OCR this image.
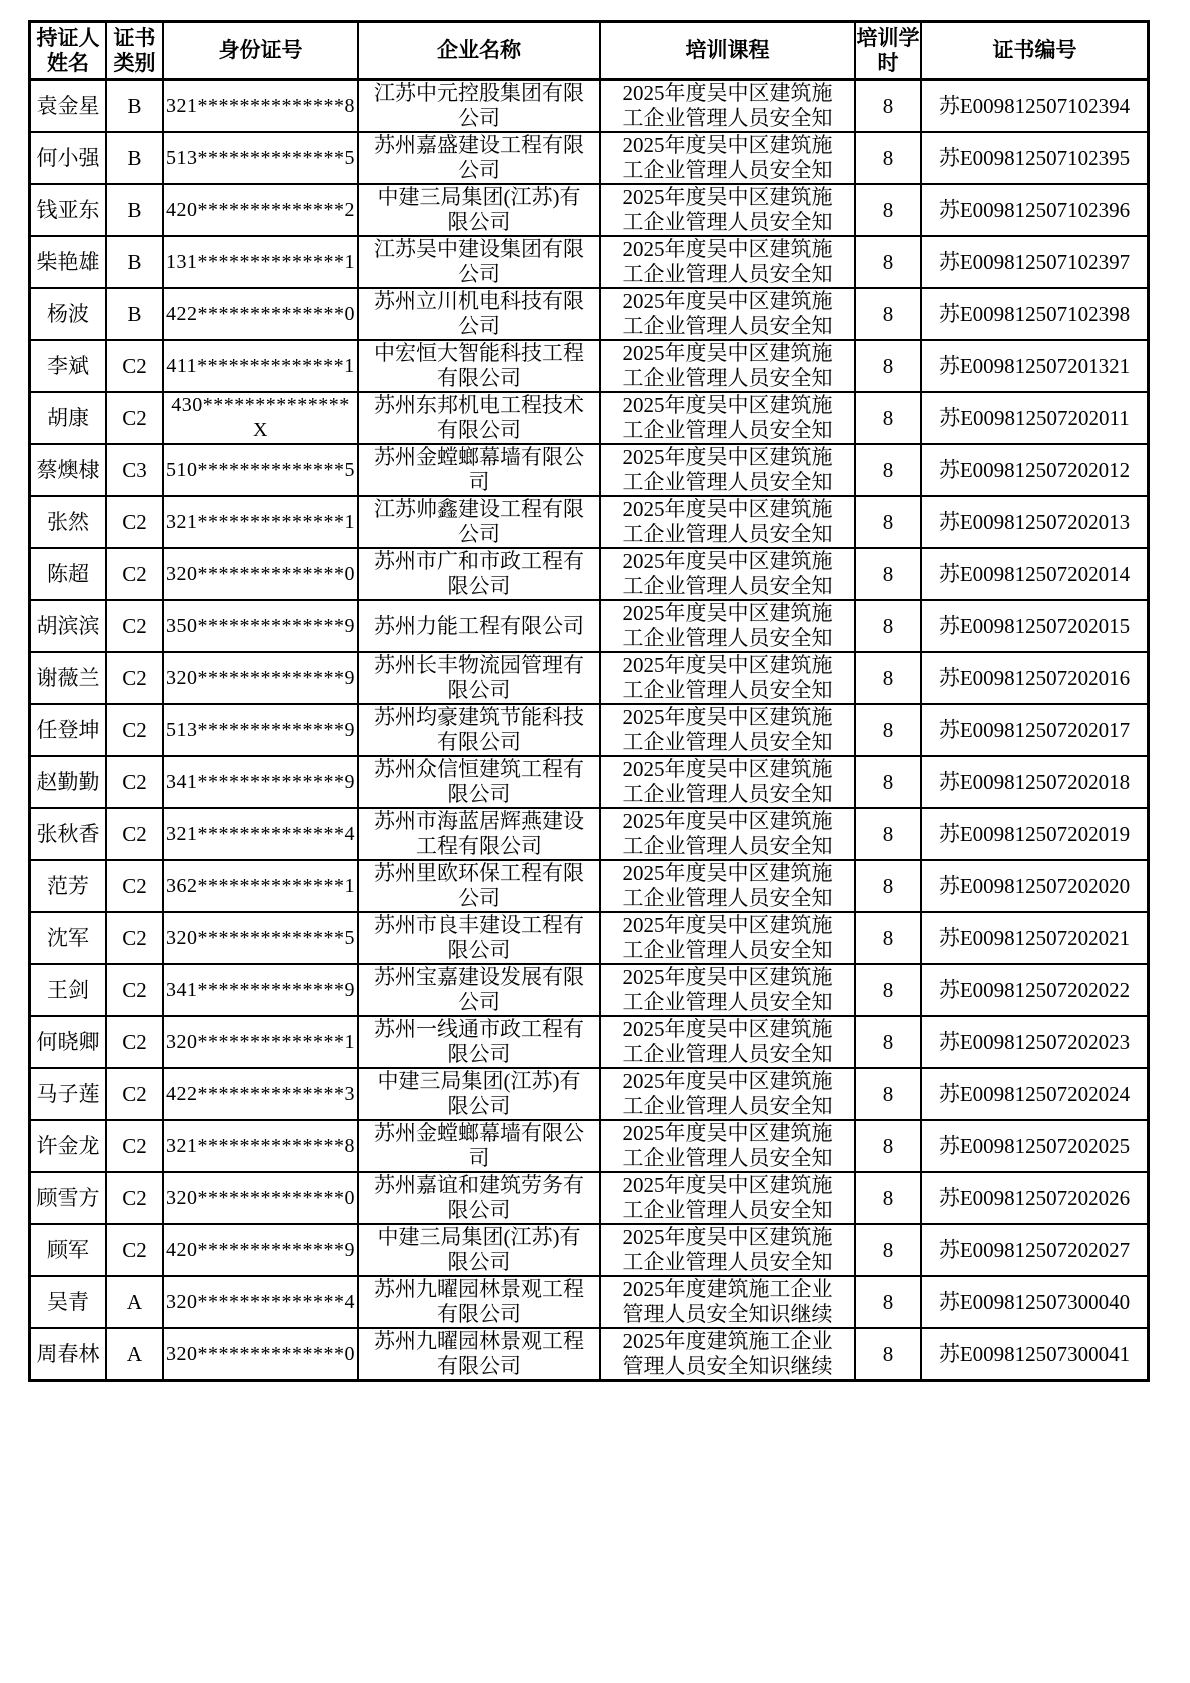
持证人姓名	证书类别	身份证号	企业名称	培训课程	培训学时	证书编号
袁金星	B	321**************8	江苏中元控股集团有限公司	2025年度吴中区建筑施工企业管理人员安全知	8	苏E009812507102394
何小强	B	513**************5	苏州嘉盛建设工程有限公司	2025年度吴中区建筑施工企业管理人员安全知	8	苏E009812507102395
钱亚东	B	420**************2	中建三局集团(江苏)有限公司	2025年度吴中区建筑施工企业管理人员安全知	8	苏E009812507102396
柴艳雄	B	131**************1	江苏吴中建设集团有限公司	2025年度吴中区建筑施工企业管理人员安全知	8	苏E009812507102397
杨波	B	422**************0	苏州立川机电科技有限公司	2025年度吴中区建筑施工企业管理人员安全知	8	苏E009812507102398
李斌	C2	411**************1	中宏恒大智能科技工程有限公司	2025年度吴中区建筑施工企业管理人员安全知	8	苏E009812507201321
胡康	C2	430**************X	苏州东邦机电工程技术有限公司	2025年度吴中区建筑施工企业管理人员安全知	8	苏E009812507202011
蔡燠棣	C3	510**************5	苏州金螳螂幕墙有限公司	2025年度吴中区建筑施工企业管理人员安全知	8	苏E009812507202012
张然	C2	321**************1	江苏帅鑫建设工程有限公司	2025年度吴中区建筑施工企业管理人员安全知	8	苏E009812507202013
陈超	C2	320**************0	苏州市广和市政工程有限公司	2025年度吴中区建筑施工企业管理人员安全知	8	苏E009812507202014
胡滨滨	C2	350**************9	苏州力能工程有限公司	2025年度吴中区建筑施工企业管理人员安全知	8	苏E009812507202015
谢薇兰	C2	320**************9	苏州长丰物流园管理有限公司	2025年度吴中区建筑施工企业管理人员安全知	8	苏E009812507202016
任登坤	C2	513**************9	苏州均豪建筑节能科技有限公司	2025年度吴中区建筑施工企业管理人员安全知	8	苏E009812507202017
赵勤勤	C2	341**************9	苏州众信恒建筑工程有限公司	2025年度吴中区建筑施工企业管理人员安全知	8	苏E009812507202018
张秋香	C2	321**************4	苏州市海蓝居辉燕建设工程有限公司	2025年度吴中区建筑施工企业管理人员安全知	8	苏E009812507202019
范芳	C2	362**************1	苏州里欧环保工程有限公司	2025年度吴中区建筑施工企业管理人员安全知	8	苏E009812507202020
沈军	C2	320**************5	苏州市良丰建设工程有限公司	2025年度吴中区建筑施工企业管理人员安全知	8	苏E009812507202021
王剑	C2	341**************9	苏州宝嘉建设发展有限公司	2025年度吴中区建筑施工企业管理人员安全知	8	苏E009812507202022
何晓卿	C2	320**************1	苏州一线通市政工程有限公司	2025年度吴中区建筑施工企业管理人员安全知	8	苏E009812507202023
马子莲	C2	422**************3	中建三局集团(江苏)有限公司	2025年度吴中区建筑施工企业管理人员安全知	8	苏E009812507202024
许金龙	C2	321**************8	苏州金螳螂幕墙有限公司	2025年度吴中区建筑施工企业管理人员安全知	8	苏E009812507202025
顾雪方	C2	320**************0	苏州嘉谊和建筑劳务有限公司	2025年度吴中区建筑施工企业管理人员安全知	8	苏E009812507202026
顾军	C2	420**************9	中建三局集团(江苏)有限公司	2025年度吴中区建筑施工企业管理人员安全知	8	苏E009812507202027
吴青	A	320**************4	苏州九曜园林景观工程有限公司	2025年度建筑施工企业管理人员安全知识继续	8	苏E009812507300040
周春林	A	320**************0	苏州九曜园林景观工程有限公司	2025年度建筑施工企业管理人员安全知识继续	8	苏E009812507300041
